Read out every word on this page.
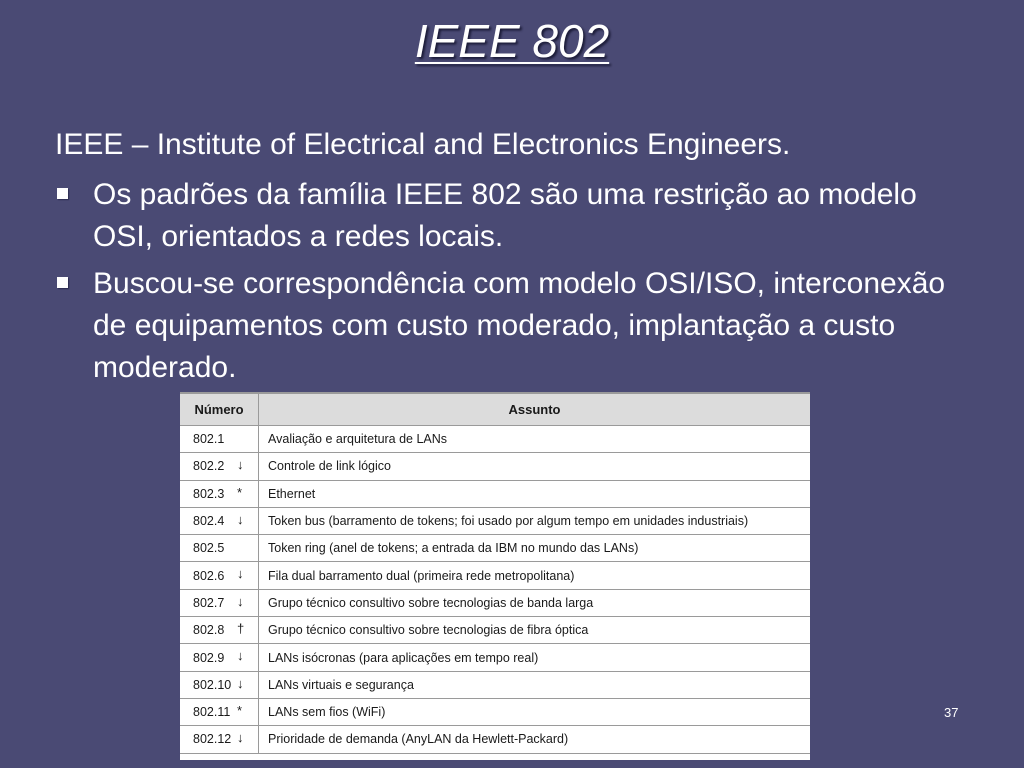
IEEE 802
IEEE – Institute of Electrical and Electronics Engineers.
Os padrões da família IEEE 802 são uma restrição ao modelo OSI, orientados a redes locais.
Buscou-se correspondência com modelo OSI/ISO, interconexão de equipamentos com custo moderado, implantação a custo moderado.
Número	Assunto
802.1	Avaliação e arquitetura de LANs
802.2 ↓	Controle de link lógico
802.3 *	Ethernet
802.4 ↓	Token bus (barramento de tokens; foi usado por algum tempo em unidades industriais)
802.5	Token ring (anel de tokens; a entrada da IBM no mundo das LANs)
802.6 ↓	Fila dual barramento dual (primeira rede metropolitana)
802.7 ↓	Grupo técnico consultivo sobre tecnologias de banda larga
802.8 †	Grupo técnico consultivo sobre tecnologias de fibra óptica
802.9 ↓	LANs isócronas (para aplicações em tempo real)
802.10 ↓	LANs virtuais e segurança
802.11 *	LANs sem fios (WiFi)
802.12 ↓	Prioridade de demanda (AnyLAN da Hewlett-Packard)
37
